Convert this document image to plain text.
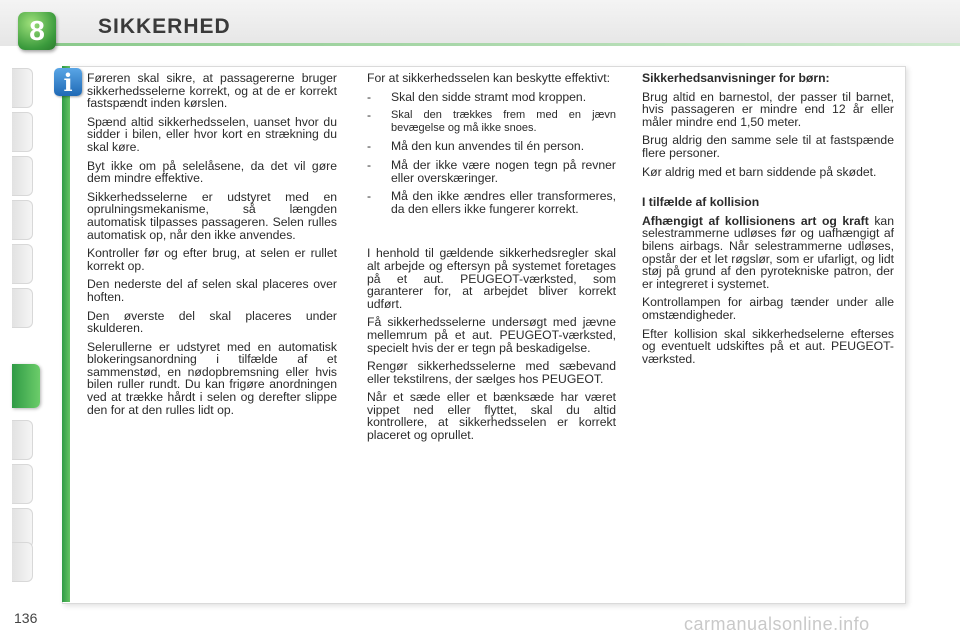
8	SIKKERHED
i	Føreren skal sikre, at passagererne bruger sikkerhedsselerne korrekt, og at de er korrekt fastspændt inden kørslen.

Spænd altid sikkerhedsselen, uanset hvor du sidder i bilen, eller hvor kort en strækning du skal køre.

Byt ikke om på selelåsene, da det vil gøre dem mindre effektive.

Sikkerhedsselerne er udstyret med en oprulningsmekanisme, så længden automatisk tilpasses passageren. Selen rulles automatisk op, når den ikke anvendes.

Kontroller før og efter brug, at selen er rullet korrekt op.

Den nederste del af selen skal placeres over hoften.

Den øverste del skal placeres under skulderen.

Selerullerne er udstyret med en automatisk blokeringsanordning i tilfælde af et sammenstød, en nødopbremsning eller hvis bilen ruller rundt. Du kan frigøre anordningen ved at trække hårdt i selen og derefter slippe den for at den rulles lidt op.

For at sikkerhedsselen kan beskytte effektivt:

-	Skal den sidde stramt mod kroppen.
-	Skal den trækkes frem med en jævn bevægelse og må ikke snoes.
-	Må den kun anvendes til én person.
-	Må der ikke være nogen tegn på revner eller overskæringer.
-	Må den ikke ændres eller transformeres, da den ellers ikke fungerer korrekt.

I henhold til gældende sikkerhedsregler skal alt arbejde og eftersyn på systemet foretages på et aut. PEUGEOT-værksted, som garanterer for, at arbejdet bliver korrekt udført.

Få sikkerhedsselerne undersøgt med jævne mellemrum på et aut. PEUGEOT-værksted, specielt hvis der er tegn på beskadigelse.

Rengør sikkerhedsselerne med sæbevand eller tekstilrens, der sælges hos PEUGEOT.

Når et sæde eller et bænksæde har været vippet ned eller flyttet, skal du altid kontrollere, at sikkerhedsselen er korrekt placeret og oprullet.

Sikkerhedsanvisninger for børn:

Brug altid en barnestol, der passer til barnet, hvis passageren er mindre end 12 år eller måler mindre end 1,50 meter.

Brug aldrig den samme sele til at fastspænde flere personer.

Kør aldrig med et barn siddende på skødet.

I tilfælde af kollision

Afhængigt af kollisionens art og kraft kan selestrammerne udløses før og uafhængigt af bilens airbags. Når selestrammerne udløses, opstår der et let røgslør, som er ufarligt, og lidt støj på grund af den pyrotekniske patron, der er integreret i systemet.

Kontrollampen for airbag tænder under alle omstændigheder.

Efter kollision skal sikkerhedselerne efterses og eventuelt udskiftes på et aut. PEUGEOT-værksted.

136	carmanualsonline.info
